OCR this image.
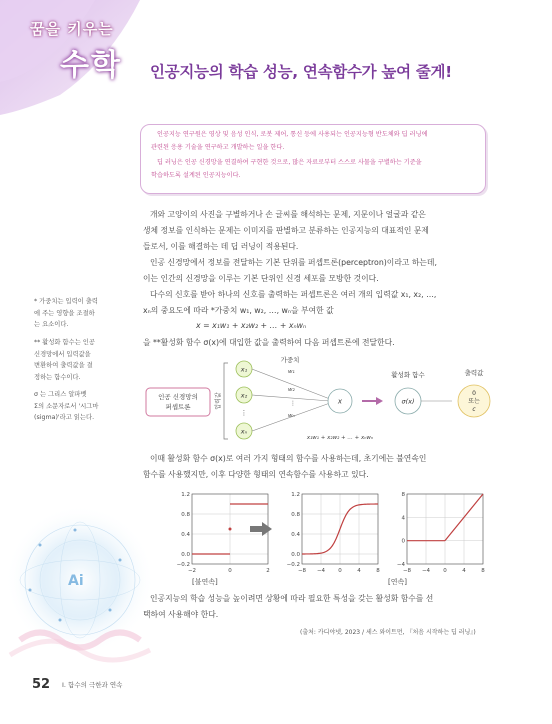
Ai
꿈을 키우는
수학 인공지능의 학습 성능, 연속함수가 높여 줄게!

인공지능 연구원은 영상 및 음성 인식, 로봇 제어, 통신 등에 사용되는 인공지능형 반도체와 딥 러닝에

관련된 응용 기술을 연구하고 개발하는 일을 한다.

딥 러닝은 인공 신경망을 연결하여 구현한 것으로, 많은 자료로부터 스스로 사물을 구별하는 기준을

학습하도록 설계된 인공지능이다.

개와 고양이의 사진을 구별하거나 손 글씨를 해석하는 문제, 지문이나 얼굴과 같은
생체 정보를 인식하는 문제는 이미지를 판별하고 분류하는 인공지능의 대표적인 문제
들로서, 이를 해결하는 데 딥 러닝이 적용된다.
인공 신경망에서 정보를 전달하는 기본 단위를 퍼셉트론(perceptron)이라고 하는데,
이는 인간의 신경망을 이루는 기본 단위인 신경 세포를 모방한 것이다.
다수의 신호를 받아 하나의 신호를 출력하는 퍼셉트론은 여러 개의 입력값 x₁, x₂, …,
xₙ의 중요도에 따라 *가중치 w₁, w₂, …, wₙ을 부여한 값
x = x₁w₁ + x₂w₂ + … + xₙwₙ
을 **활성화 함수 σ(x)에 대입한 값을 출력하여 다음 퍼셉트론에 전달한다.
* 가중치는 입력이 출력
에 주는 영향을 조절하
는 요소이다.
** 활성화 함수는 인공
신경망에서 입력값을
변환하여 출력값을 결
정하는 함수이다.
σ 는 그리스 알파벳
Σ의 소문자로서 '시그마
(sigma)'라고 읽는다.
인공 신경망의
퍼셉트론	입력값
x₁
x₂
⋮
xₙ
가중치
w₁
w₂
⋮
wₙ
x
x₁w₁ + x₂w₂ + … + xₙwₙ
활성화 함수
σ(x)
출력값
0
또는
c
이때 활성화 함수 σ(x)로 여러 가지 형태의 함수를 사용하는데, 초기에는 불연속인
함수를 사용했지만, 이후 다양한 형태의 연속함수를 사용하고 있다.
−2	0	2
1.2
0.8
0.4
0.0
−0.2
−8 −4 0	4	8
1.2
0.8
0.4
0.0
−0.2
−8 −4 0	4	8
8
4
0
−4
[불연속]	[연속]
인공지능의 학습 성능을 높이려면 상황에 따라 필요한 특성을 갖는 활성화 함수를 선
택하여 사용해야 한다.
(출처: 카디야넷, 2023 / 세스 와이트먼, 『처음 시작하는 딥 러닝』)
52 I. 함수의 극한과 연속
